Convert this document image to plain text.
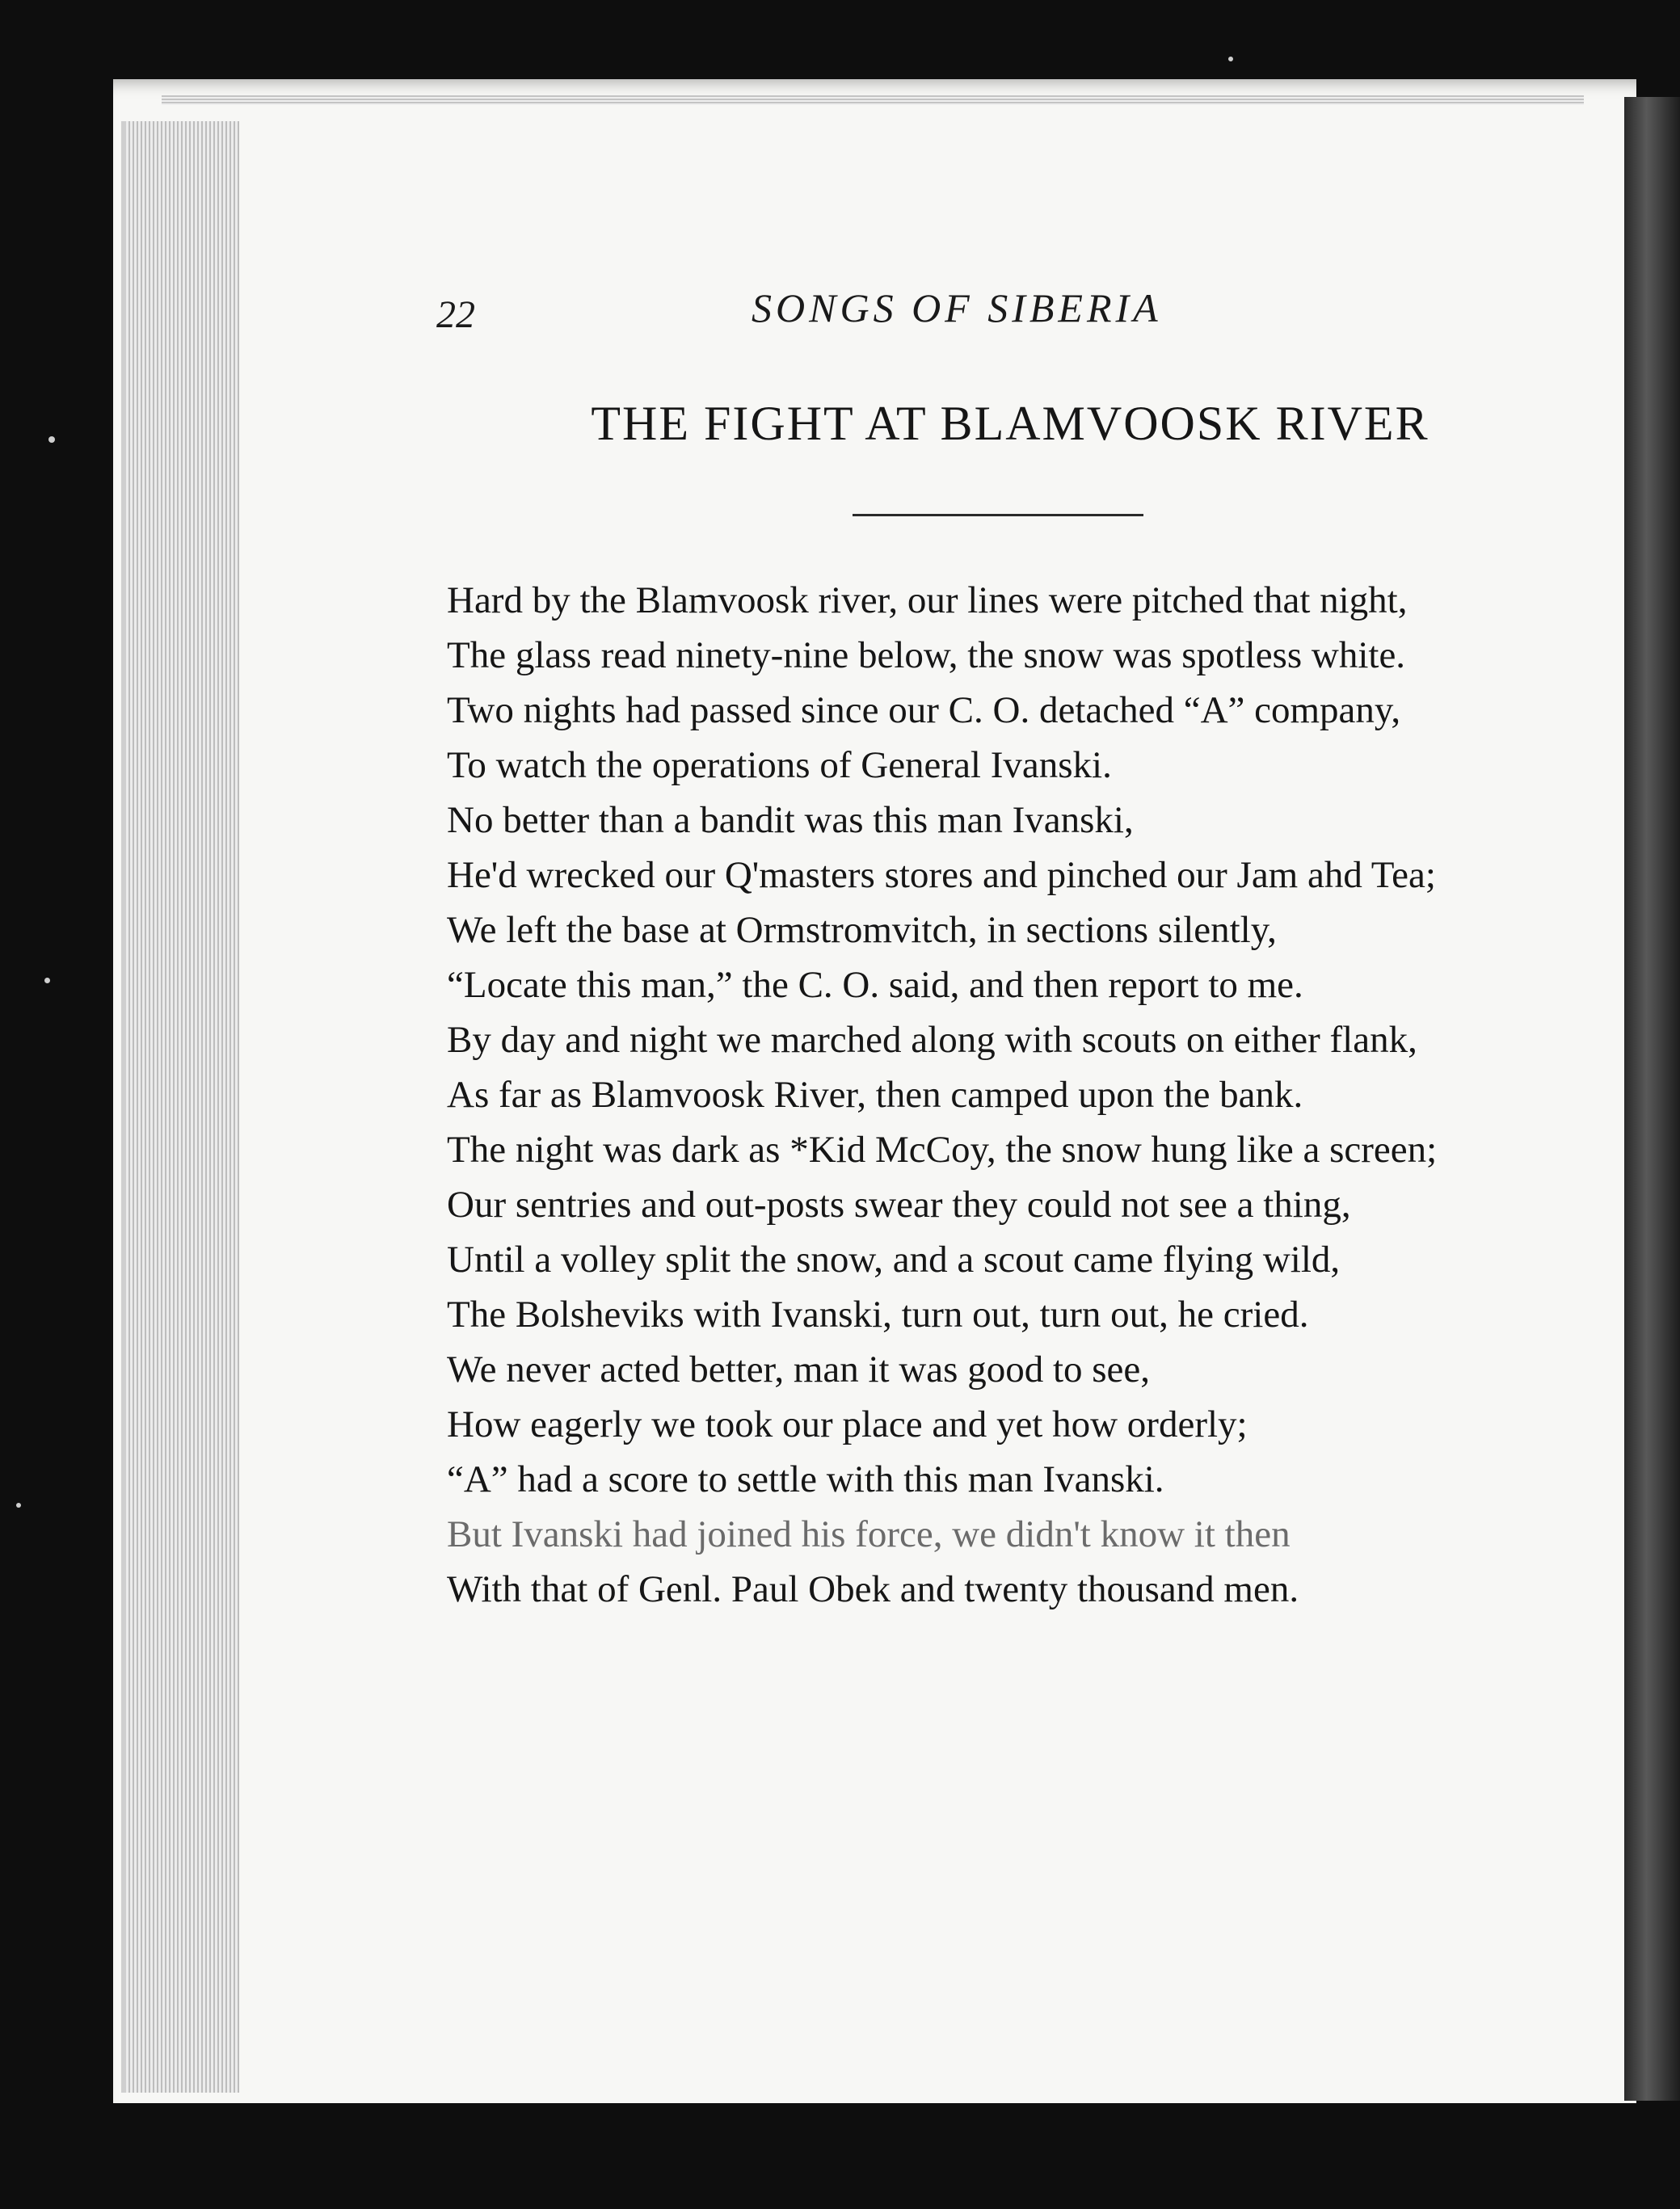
22	SONGS OF SIBERIA
THE FIGHT AT BLAMVOOSK RIVER

Hard by the Blamvoosk river, our lines were pitched that night,

The glass read ninety-nine below, the snow was spotless white.

Two nights had passed since our C. O. detached “A” company,

To watch the operations of General Ivanski.

No better than a bandit was this man Ivanski,

He'd wrecked our Q'masters stores and pinched our Jam ahd Tea;

We left the base at Ormstromvitch, in sections silently,

“Locate this man,” the C. O. said, and then report to me.

By day and night we marched along with scouts on either flank,

As far as Blamvoosk River, then camped upon the bank.

The night was dark as *Kid McCoy, the snow hung like a screen;

Our sentries and out-posts swear they could not see a thing,

Until a volley split the snow, and a scout came flying wild,

The Bolsheviks with Ivanski, turn out, turn out, he cried.

We never acted better, man it was good to see,

How eagerly we took our place and yet how orderly;

“A” had a score to settle with this man Ivanski.

But Ivanski had joined his force, we didn't know it then

With that of Genl. Paul Obek and twenty thousand men.
